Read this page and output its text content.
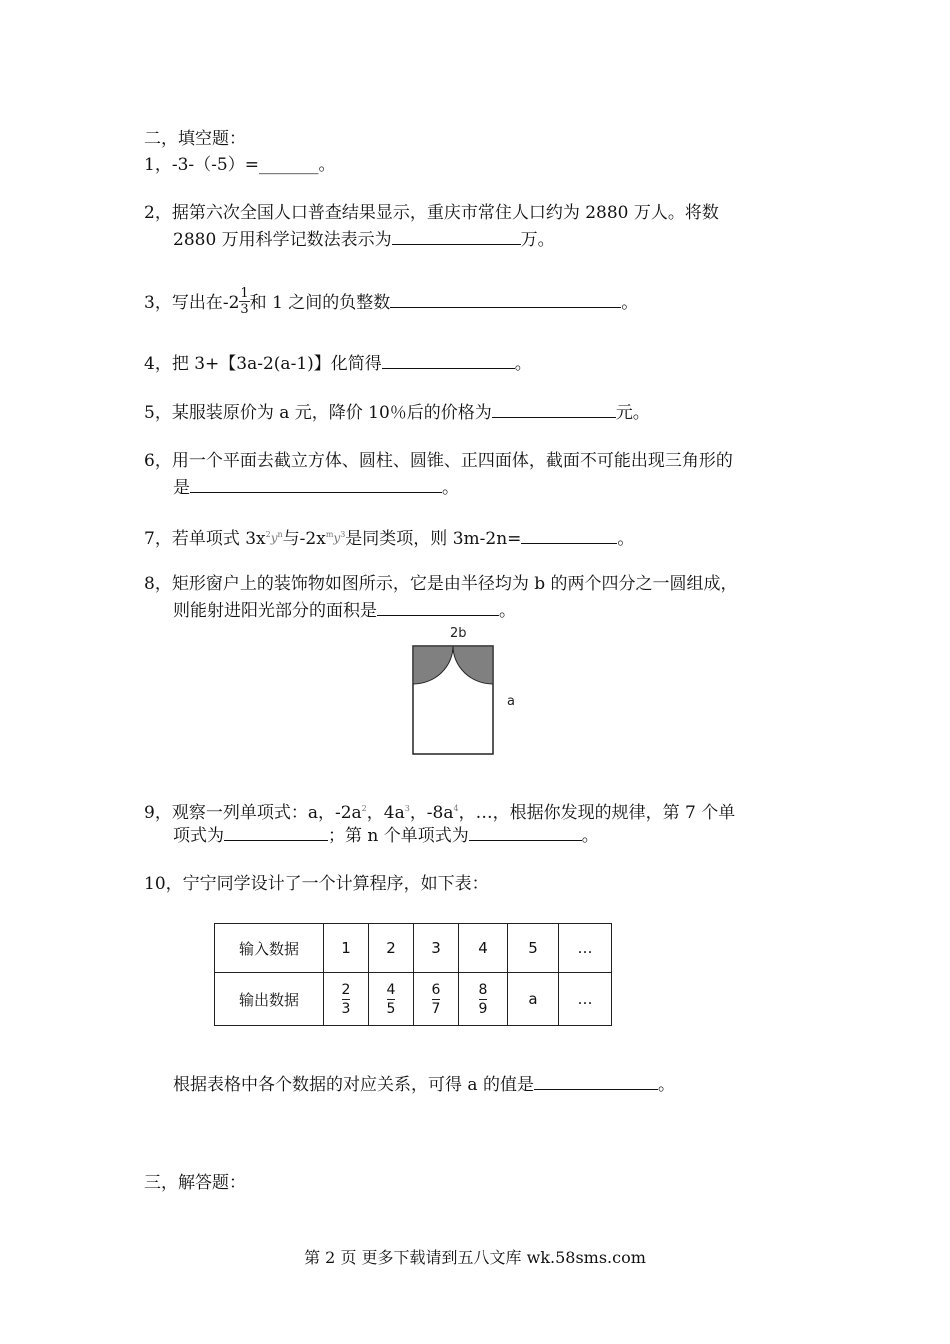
二，填空题：
1，-3-（-5）=_______。
2，据第六次全国人口普查结果显示，重庆市常住人口约为 2880 万人。将数
2880 万用科学记数法表示为	万。
3，写出在$-2 \frac{1}{3}$ 和 1 之间的负整数	。
4，把 3+【3a-2(a-1)】化简得	。
5，某服装原价为 a 元，降价 10％后的价格为	元。
6，用一个平面去截立方体、圆柱、圆锥、正四面体，截面不可能出现三角形的
是	。
7，若单项式 $3x^2y^n$与$-2x^my^3$是同类项，则 3m-2n=	。
8，矩形窗户上的装饰物如图所示，它是由半径均为 b 的两个四分之一圆组成，
则能射进阳光部分的面积是	。
2b
a
9，观察一列单项式：a，$-2a^2$，$4a^3$，$-8a^4$，…，根据你发现的规律，第 7 个单
项式为	；第 n 个单项式为	。
10，宁宁同学设计了一个计算程序，如下表：
输入数据	1	2	3	4	5	…
输出数据	$\frac{2}{3}$	$\frac{4}{5}$	$\frac{6}{7}$	$\frac{8}{9}$	a	…
根据表格中各个数据的对应关系，可得 a 的值是	。
三，解答题：
第 2 页 更多下载请到五八文库 wk.58sms.com
